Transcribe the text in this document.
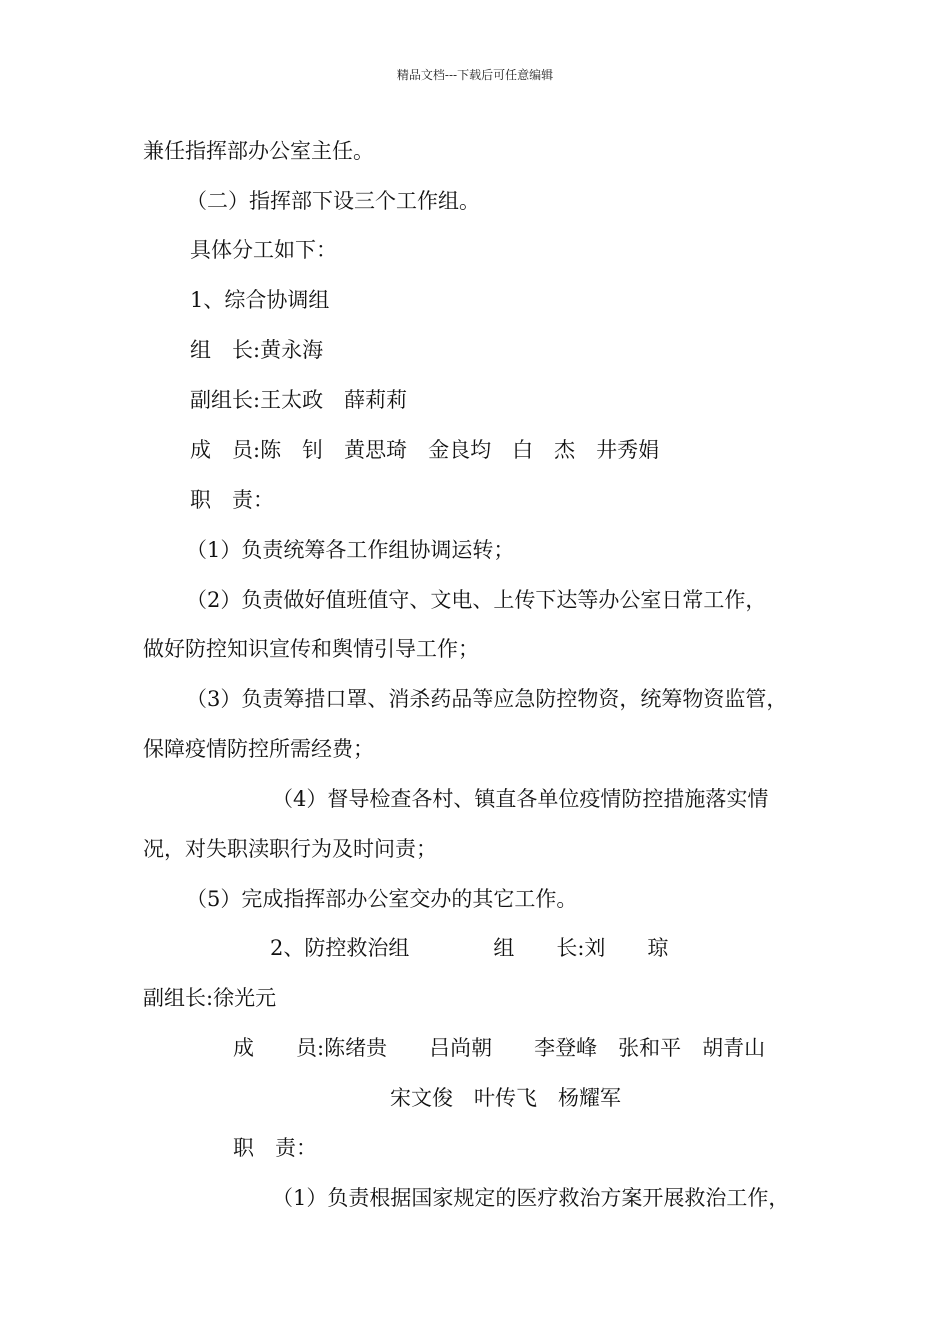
精品文档---下载后可任意编辑
兼任指挥部办公室主任。
（二）指挥部下设三个工作组。
具体分工如下：
1、综合协调组
组　长:黄永海
副组长:王太政　薛莉莉
成　员:陈　钊　黄思琦　金良均　白　杰　井秀娟
职　责：
（1）负责统筹各工作组协调运转；
（2）负责做好值班值守、文电、上传下达等办公室日常工作，
做好防控知识宣传和舆情引导工作；
（3）负责筹措口罩、消杀药品等应急防控物资，统筹物资监管，
保障疫情防控所需经费；
（4）督导检查各村、镇直各单位疫情防控措施落实情
况，对失职渎职行为及时问责；
（5）完成指挥部办公室交办的其它工作。
2、防控救治组　　　　组　　长:刘　　琼
副组长:徐光元
成　　员:陈绪贵　　吕尚朝　　李登峰　张和平　胡青山
宋文俊　叶传飞　杨耀军
职　责：
（1）负责根据国家规定的医疗救治方案开展救治工作，
